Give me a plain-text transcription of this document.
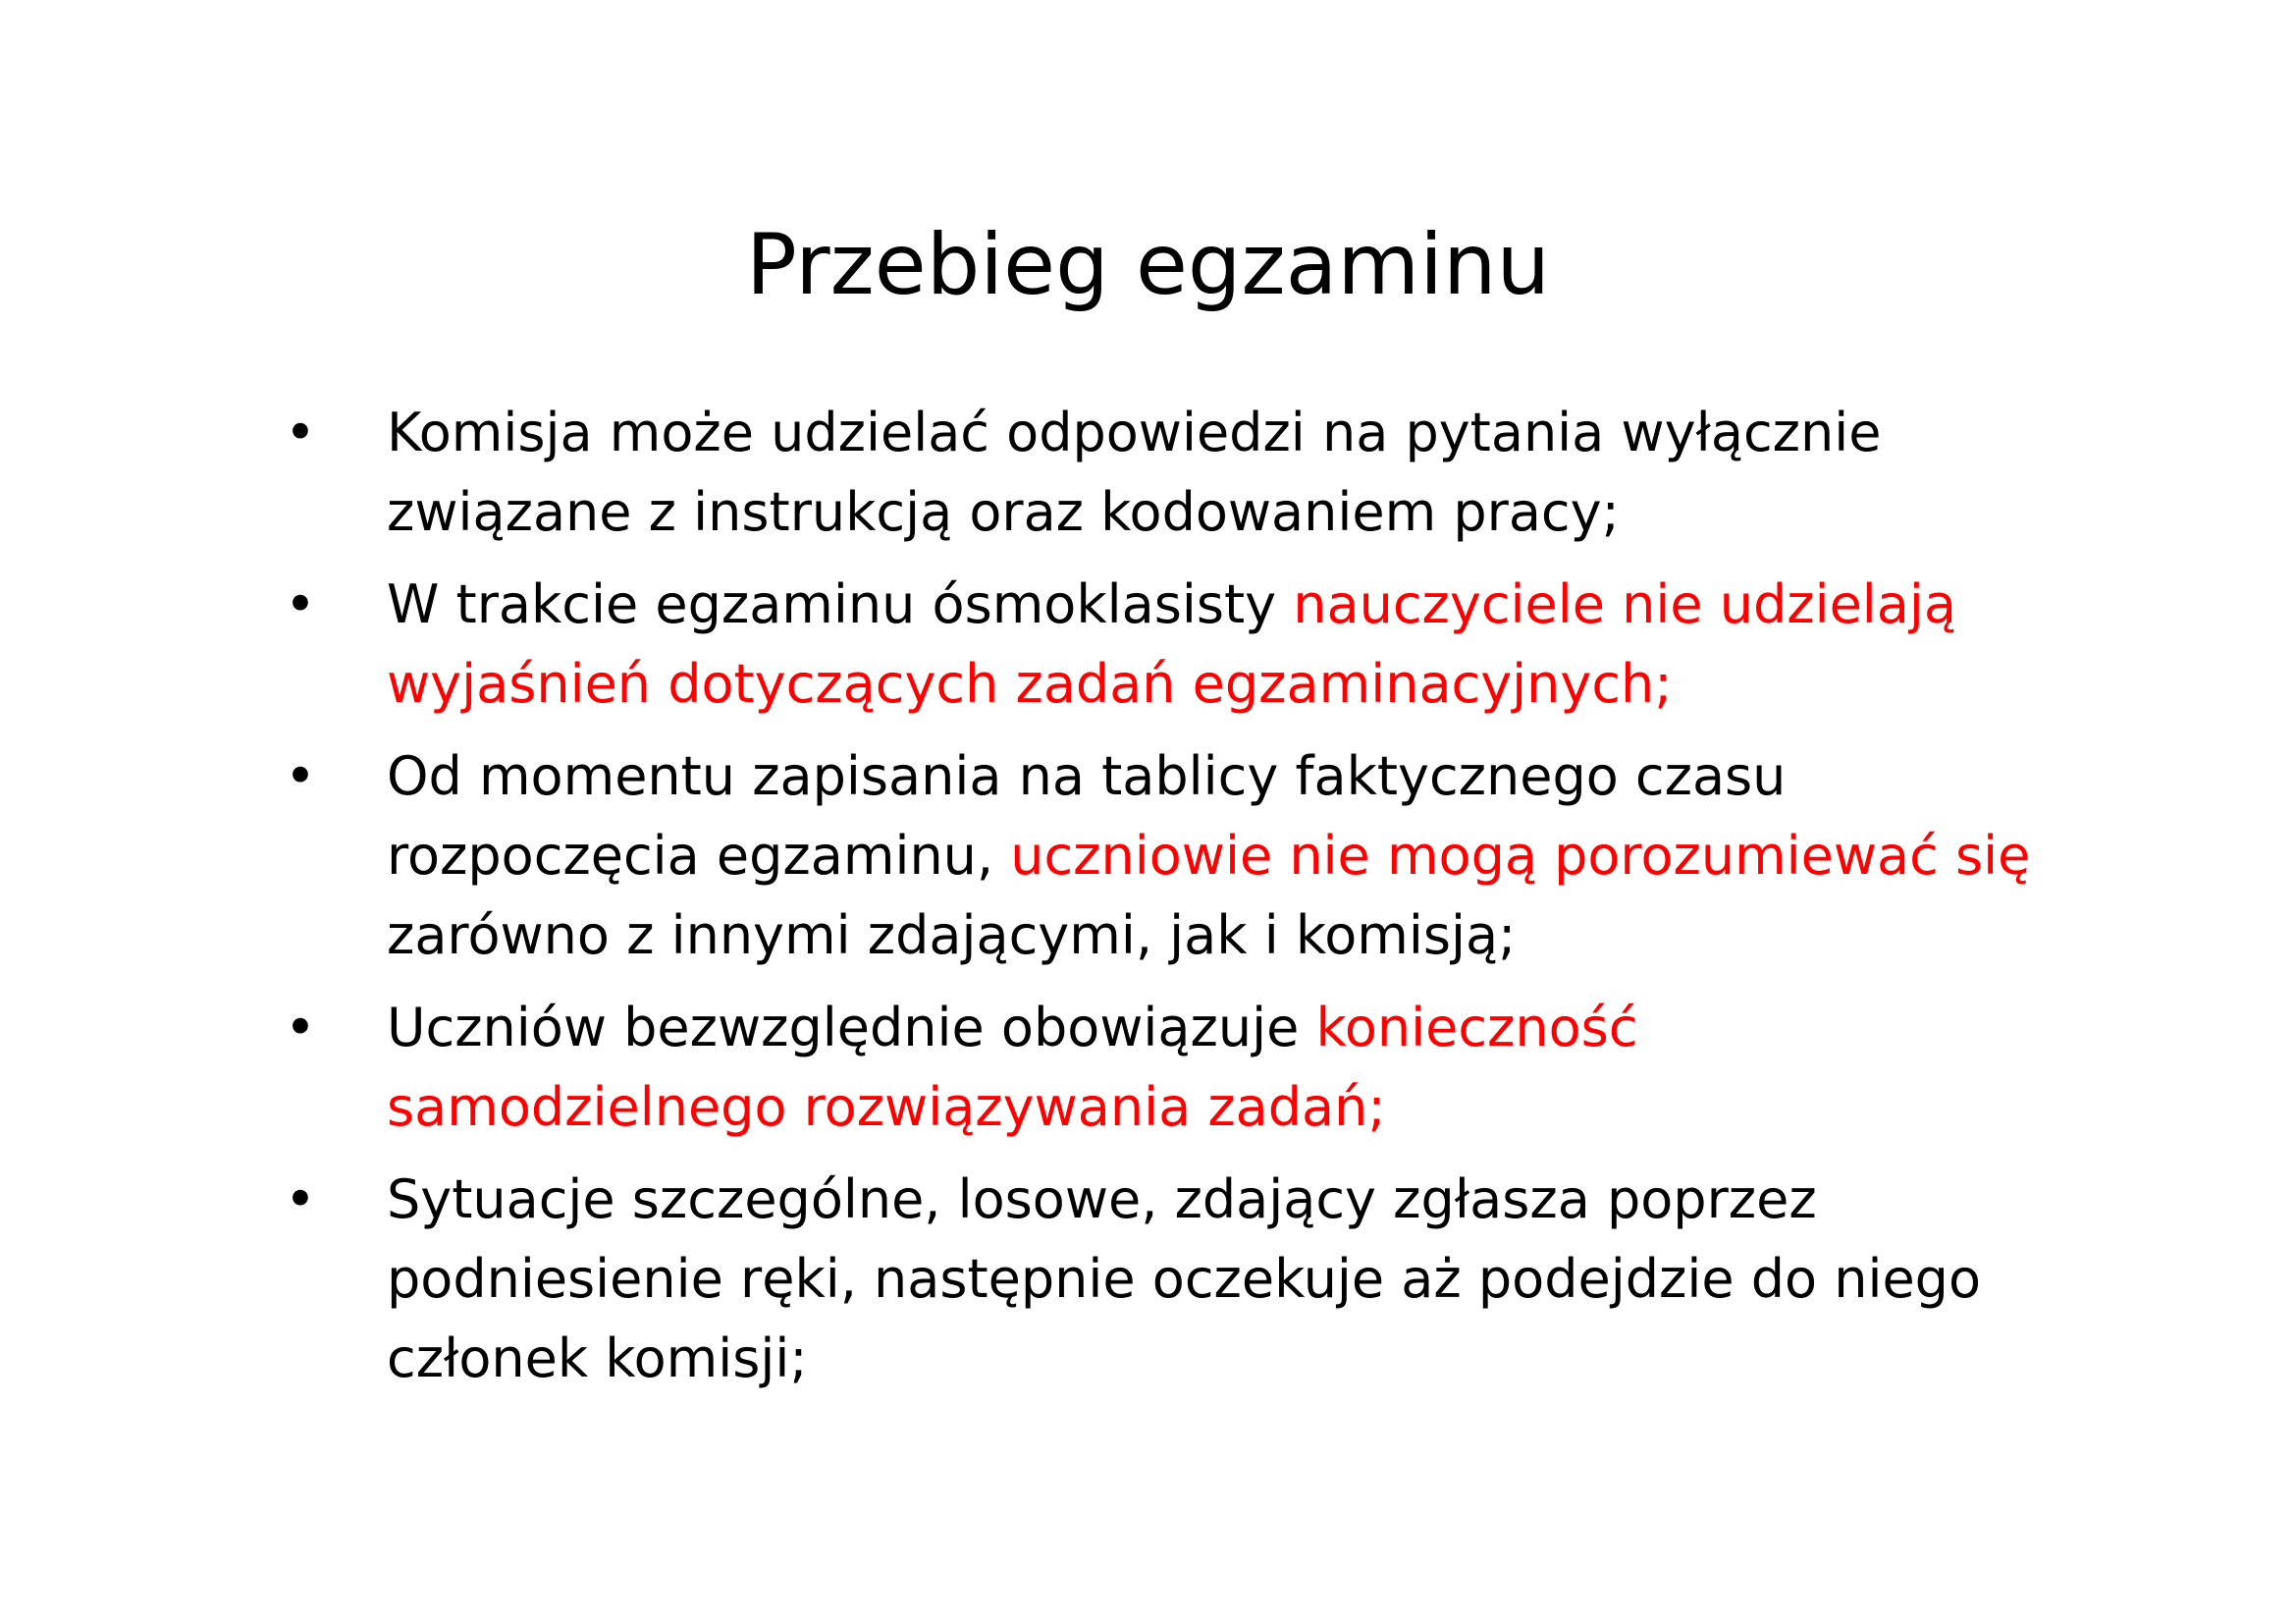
Przebieg egzaminu
• Komisja może udzielać odpowiedzi na pytania wyłącznie związane z instrukcją oraz kodowaniem pracy;
• W trakcie egzaminu ósmoklasisty nauczyciele nie udzielają wyjaśnień dotyczących zadań egzaminacyjnych;
• Od momentu zapisania na tablicy faktycznego czasu rozpoczęcia egzaminu, uczniowie nie mogą porozumiewać się zarówno z innymi zdającymi, jak i komisją;
• Uczniów bezwzględnie obowiązuje konieczność samodzielnego rozwiązywania zadań;
• Sytuacje szczególne, losowe, zdający zgłasza poprzez podniesienie ręki, następnie oczekuje aż podejdzie do niego członek komisji;
